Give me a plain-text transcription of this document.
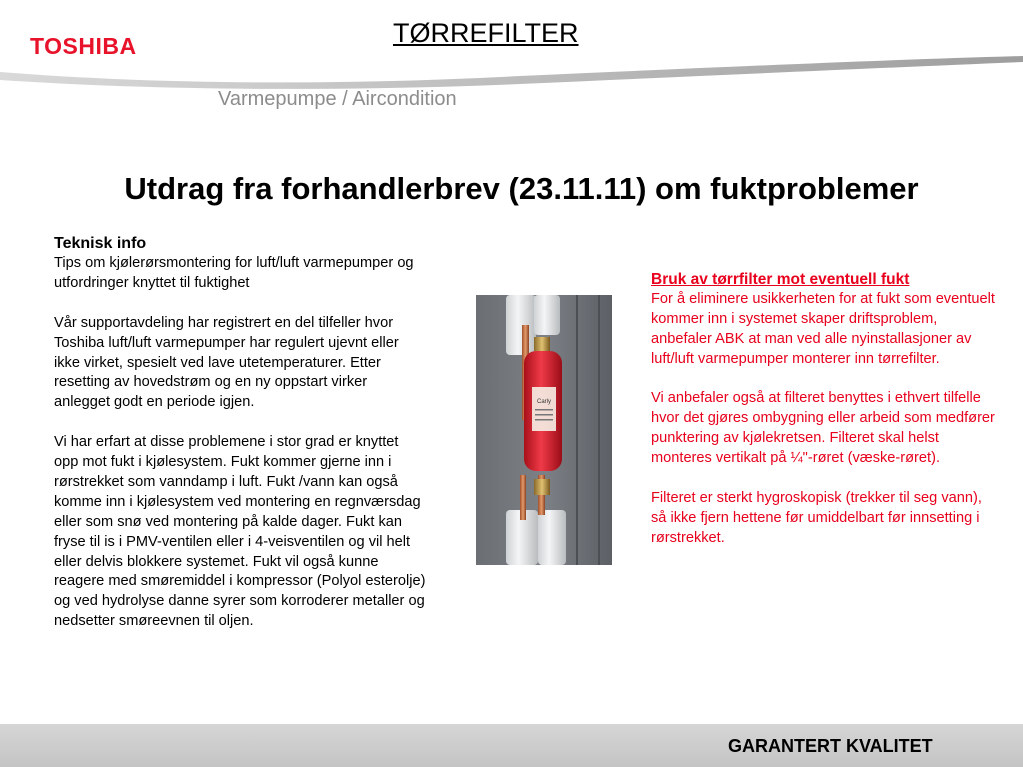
TOSHIBA	TØRREFILTER
Varmepumpe / Aircondition
Utdrag fra forhandlerbrev (23.11.11) om fuktproblemer
Teknisk info

Tips om kjølerørsmontering for luft/luft varmepumper og utfordringer knyttet til fuktighet

Vår supportavdeling har registrert en del tilfeller hvor Toshiba luft/luft varmepumper har regulert ujevnt eller ikke virket, spesielt ved lave utetemperaturer. Etter resetting av hovedstrøm og en ny oppstart virker anlegget godt en periode igjen.

Vi har erfart at disse problemene i stor grad er knyttet opp mot fukt i kjølesystem. Fukt kommer gjerne inn i rørstrekket som vanndamp i luft. Fukt /vann kan også komme inn i kjølesystem ved montering en regnværsdag eller som snø ved montering på kalde dager. Fukt kan fryse til is i PMV-ventilen eller i 4-veisventilen og vil helt eller delvis blokkere systemet. Fukt vil også kunne reagere med smøremiddel i kompressor (Polyol esterolje) og ved hydrolyse danne syrer som korroderer metaller og nedsetter smøreevnen til oljen.

Carly
Bruk av tørrfilter mot eventuell fukt

For å eliminere usikkerheten for at fukt som eventuelt kommer inn i systemet skaper driftsproblem, anbefaler ABK at man ved alle nyinstallasjoner av luft/luft varmepumper monterer inn tørrefilter.

Vi anbefaler også at filteret benyttes i ethvert tilfelle hvor det gjøres ombygning eller arbeid som medfører punktering av kjølekretsen. Filteret skal helst monteres vertikalt på ¼"-røret (væske-røret).

Filteret er sterkt hygroskopisk (trekker til seg vann), så ikke fjern hettene før umiddelbart før innsetting i rørstrekket.

GARANTERT KVALITET
